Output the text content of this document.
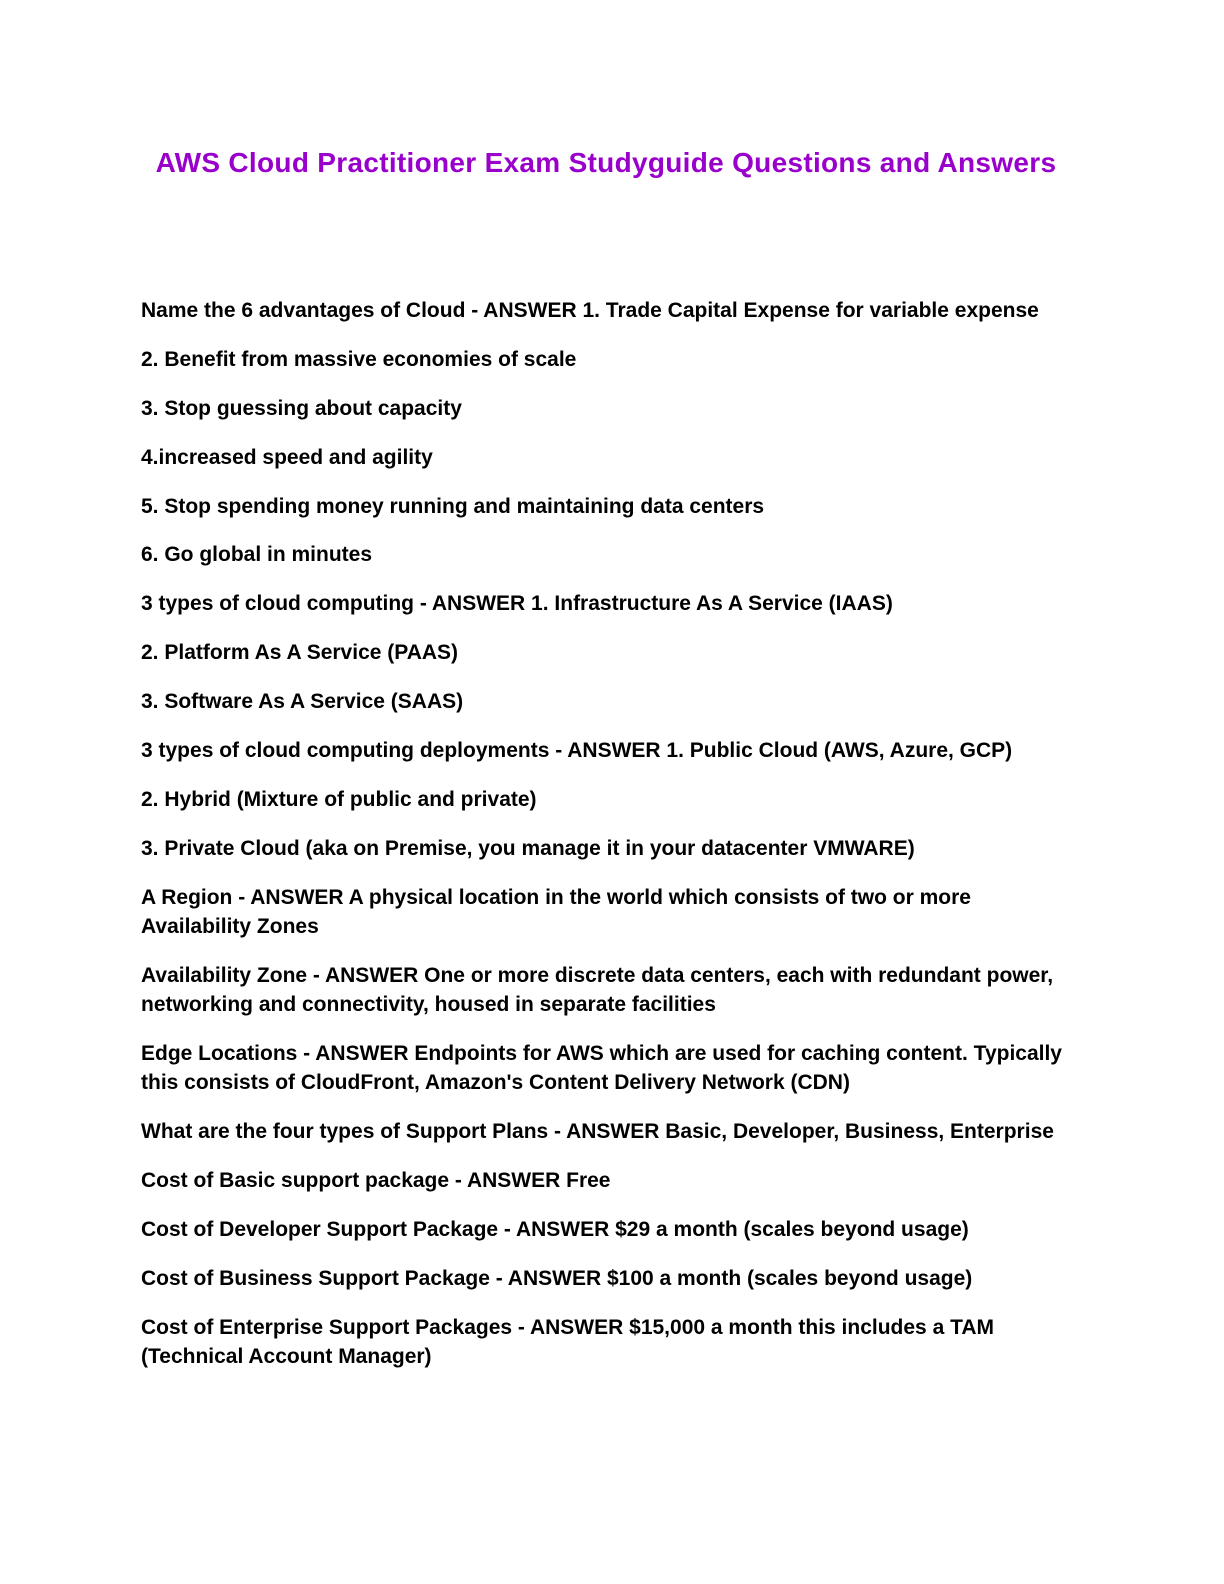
AWS Cloud Practitioner Exam Studyguide Questions and Answers

Name the 6 advantages of Cloud - ANSWER 1. Trade Capital Expense for variable expense

2. Benefit from massive economies of scale

3. Stop guessing about capacity

4.increased speed and agility

5. Stop spending money running and maintaining data centers

6. Go global in minutes

3 types of cloud computing - ANSWER 1. Infrastructure As A Service (IAAS)

2. Platform As A Service (PAAS)

3. Software As A Service (SAAS)

3 types of cloud computing deployments - ANSWER 1. Public Cloud (AWS, Azure, GCP)

2. Hybrid (Mixture of public and private)

3. Private Cloud (aka on Premise, you manage it in your datacenter VMWARE)

A Region - ANSWER A physical location in the world which consists of two or more Availability Zones

Availability Zone - ANSWER One or more discrete data centers, each with redundant power, networking and connectivity, housed in separate facilities

Edge Locations - ANSWER Endpoints for AWS which are used for caching content. Typically this consists of CloudFront, Amazon's Content Delivery Network (CDN)

What are the four types of Support Plans - ANSWER Basic, Developer, Business, Enterprise

Cost of Basic support package - ANSWER Free

Cost of Developer Support Package - ANSWER $29 a month (scales beyond usage)

Cost of Business Support Package - ANSWER $100 a month (scales beyond usage)

Cost of Enterprise Support Packages - ANSWER $15,000 a month this includes a TAM (Technical Account Manager)
